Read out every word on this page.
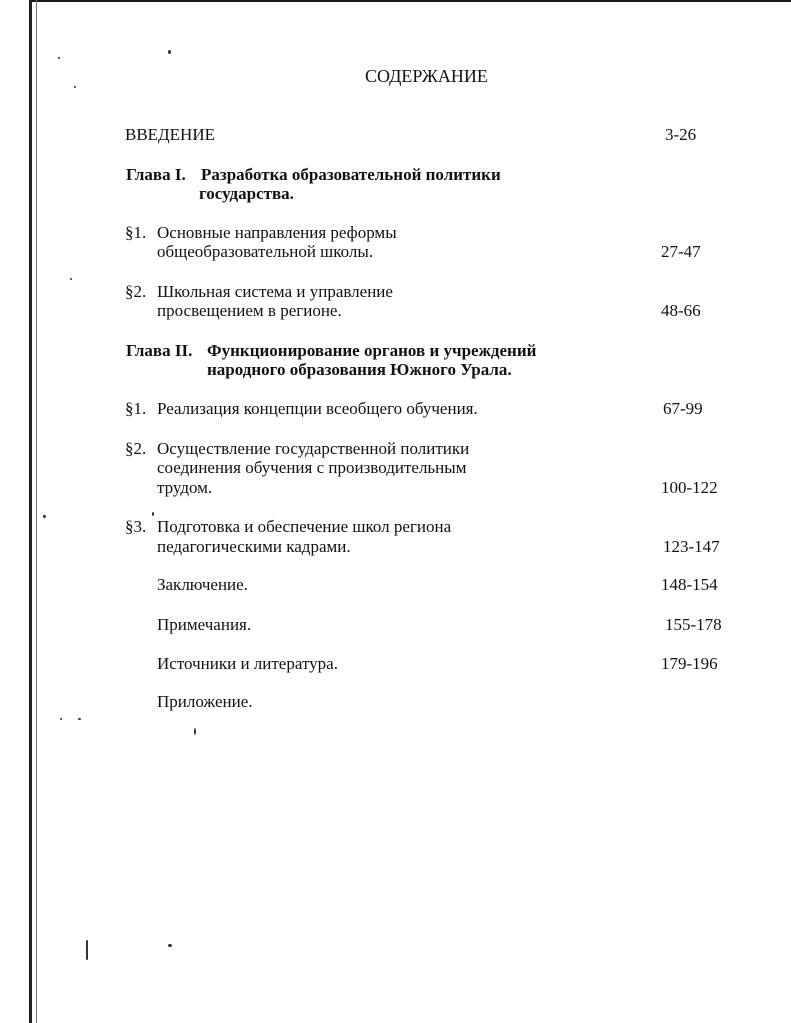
СОДЕРЖАНИЕ
ВВЕДЕНИЕ	3-26
Глава I. Разработка образовательной политики
государства.
§1. Основные направления реформы
общеобразовательной школы.	27-47
§2. Школьная система и управление
просвещением в регионе.	48-66
Глава II. Функционирование органов и учреждений
народного образования Южного Урала.
§1. Реализация концепции всеобщего обучения.	67-99
§2. Осуществление государственной политики
соединения обучения с производительным
трудом.	100-122
§3. Подготовка и обеспечение школ региона
педагогическими кадрами.	123-147
Заключение.	148-154
Примечания.	155-178
Источники и литература.	179-196
Приложение.
